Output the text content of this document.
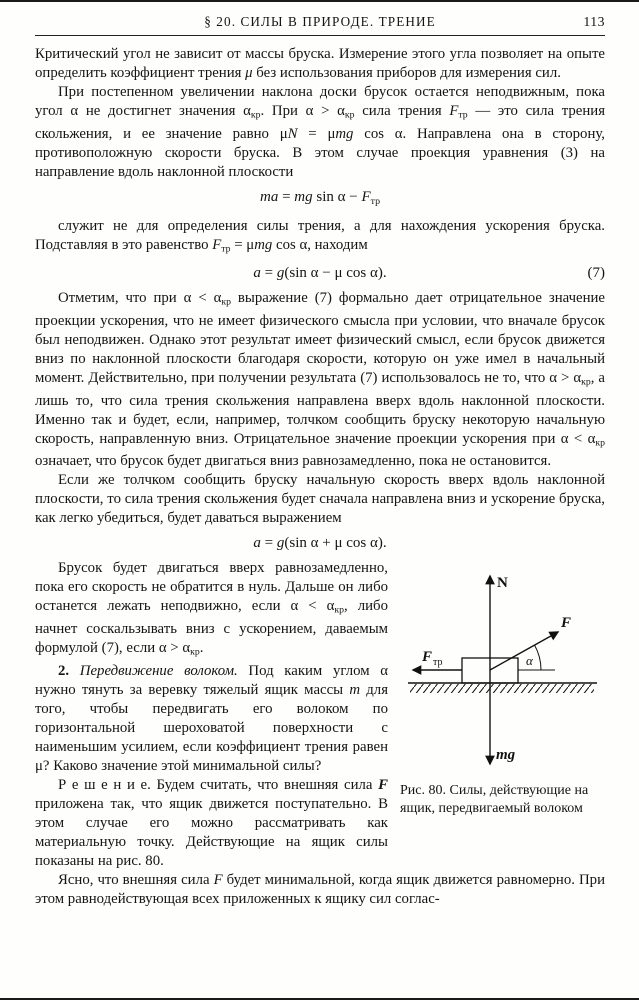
§ 20. СИЛЫ В ПРИРОДЕ. ТРЕНИЕ	113

Критический угол не зависит от массы бруска. Измерение этого угла позволяет на опыте определить коэффициент трения μ без использования приборов для измерения сил.

При постепенном увеличении наклона доски брусок остается неподвижным, пока угол α не достигнет значения αкр. При α > αкр сила трения Fтр — это сила трения скольжения, и ее значение равно μN = μmg cos α. Направлена она в сторону, противоположную скорости бруска. В этом случае проекция уравнения (3) на направление вдоль наклонной плоскости

ma = mg sin α − Fтр

служит не для определения силы трения, а для нахождения ускорения бруска. Подставляя в это равенство Fтр = μmg cos α, находим

a = g(sin α − μ cos α).	(7)

Отметим, что при α < αкр выражение (7) формально дает отрицательное значение проекции ускорения, что не имеет физического смысла при условии, что вначале брусок был неподвижен. Однако этот результат имеет физический смысл, если брусок движется вниз по наклонной плоскости благодаря скорости, которую он уже имел в начальный момент. Действительно, при получении результата (7) использовалось не то, что α > αкр, а лишь то, что сила трения скольжения направлена вверх вдоль наклонной плоскости. Именно так и будет, если, например, толчком сообщить бруску некоторую начальную скорость, направленную вниз. Отрицательное значение проекции ускорения при α < αкр означает, что брусок будет двигаться вниз равнозамедленно, пока не остановится.

Если же толчком сообщить бруску начальную скорость вверх вдоль наклонной плоскости, то сила трения скольжения будет сначала направлена вниз и ускорение бруска, как легко убедиться, будет даваться выражением

a = g(sin α + μ cos α).
N
F
F тр	α
mg
Рис. 80. Силы, действующие на ящик, передвигаемый волоком

Брусок будет двигаться вверх равнозамедленно, пока его скорость не обратится в нуль. Дальше он либо останется лежать неподвижно, если α < αкр, либо начнет соскальзывать вниз с ускорением, даваемым формулой (7), если α > αкр.

2. Передвижение волоком. Под каким углом α нужно тянуть за веревку тяжелый ящик массы m для того, чтобы передвигать его волоком по горизонтальной шероховатой поверхности с наименьшим усилием, если коэффициент трения равен μ? Каково значение этой минимальной силы?

Р е ш е н и е. Будем считать, что внешняя сила F приложена так, что ящик движется поступательно. В этом случае его можно рассматривать как материальную точку. Действующие на ящик силы показаны на рис. 80.

Ясно, что внешняя сила F будет минимальной, когда ящик движется равномерно. При этом равнодействующая всех приложенных к ящику сил соглас-
